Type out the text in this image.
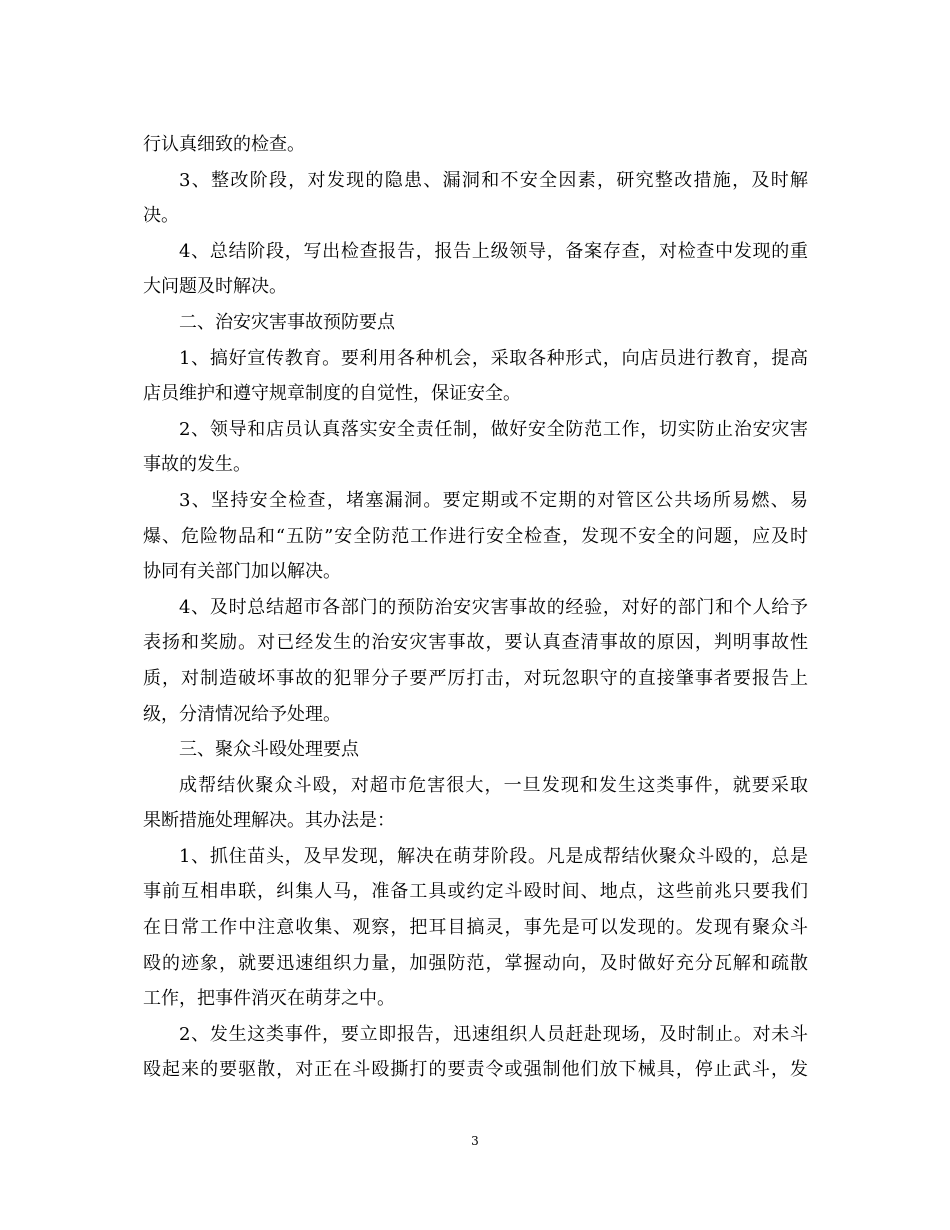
行认真细致的检查。
3、整改阶段，对发现的隐患、漏洞和不安全因素，研究整改措施，及时解
决。
4、总结阶段，写出检查报告，报告上级领导，备案存查，对检查中发现的重
大问题及时解决。
二、治安灾害事故预防要点
1、搞好宣传教育。要利用各种机会，采取各种形式，向店员进行教育，提高
店员维护和遵守规章制度的自觉性，保证安全。
2、领导和店员认真落实安全责任制，做好安全防范工作，切实防止治安灾害
事故的发生。
3、坚持安全检查，堵塞漏洞。要定期或不定期的对管区公共场所易燃、易
爆、危险物品和“五防”安全防范工作进行安全检查，发现不安全的问题，应及时
协同有关部门加以解决。
4、及时总结超市各部门的预防治安灾害事故的经验，对好的部门和个人给予
表扬和奖励。对已经发生的治安灾害事故，要认真查清事故的原因，判明事故性
质，对制造破坏事故的犯罪分子要严厉打击，对玩忽职守的直接肇事者要报告上
级，分清情况给予处理。
三、聚众斗殴处理要点
成帮结伙聚众斗殴，对超市危害很大，一旦发现和发生这类事件，就要采取
果断措施处理解决。其办法是：
1、抓住苗头，及早发现，解决在萌芽阶段。凡是成帮结伙聚众斗殴的，总是
事前互相串联，纠集人马，准备工具或约定斗殴时间、地点，这些前兆只要我们
在日常工作中注意收集、观察，把耳目搞灵，事先是可以发现的。发现有聚众斗
殴的迹象，就要迅速组织力量，加强防范，掌握动向，及时做好充分瓦解和疏散
工作，把事件消灭在萌芽之中。
2、发生这类事件，要立即报告，迅速组织人员赶赴现场，及时制止。对未斗
殴起来的要驱散，对正在斗殴撕打的要责令或强制他们放下械具，停止武斗，发
3
